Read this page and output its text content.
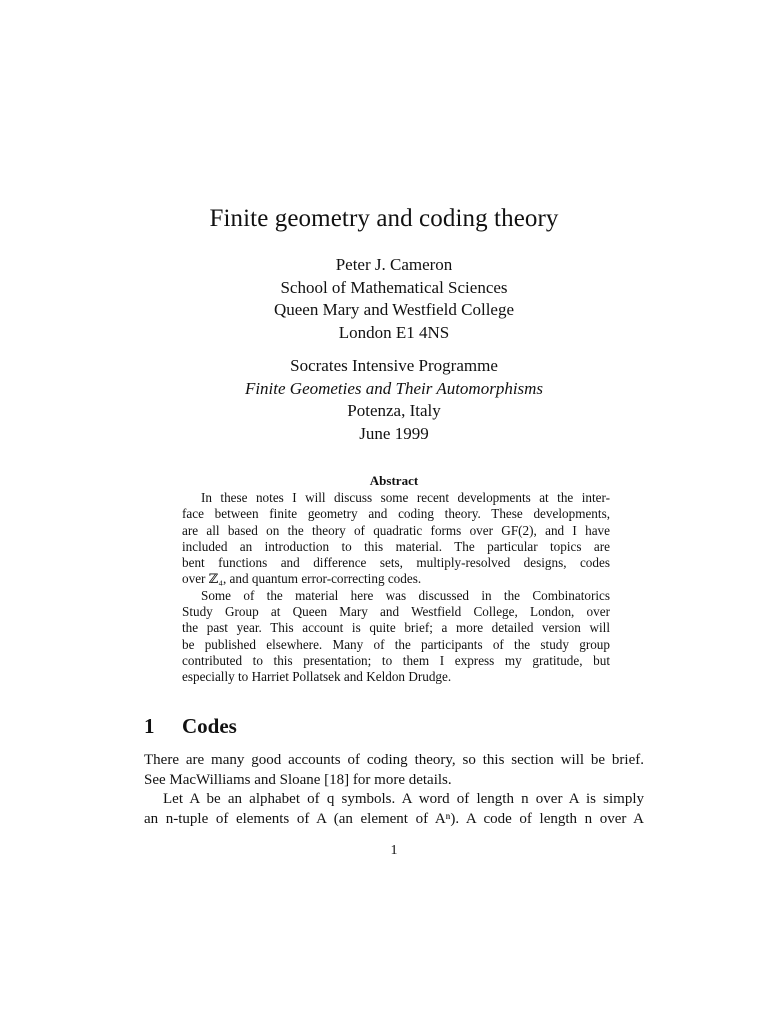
Finite geometry and coding theory
Peter J. Cameron
School of Mathematical Sciences
Queen Mary and Westfield College
London E1 4NS
Socrates Intensive Programme
Finite Geometies and Their Automorphisms
Potenza, Italy
June 1999
Abstract
In these notes I will discuss some recent developments at the inter-
face between finite geometry and coding theory. These developments,
are all based on the theory of quadratic forms over GF(2), and I have
included an introduction to this material. The particular topics are
bent functions and difference sets, multiply-resolved designs, codes
over ℤ₄, and quantum error-correcting codes.
Some of the material here was discussed in the Combinatorics
Study Group at Queen Mary and Westfield College, London, over
the past year. This account is quite brief; a more detailed version will
be published elsewhere. Many of the participants of the study group
contributed to this presentation; to them I express my gratitude, but
especially to Harriet Pollatsek and Keldon Drudge.
1 Codes
There are many good accounts of coding theory, so this section will be brief.
See MacWilliams and Sloane [18] for more details.
Let A be an alphabet of q symbols. A word of length n over A is simply
an n-tuple of elements of A (an element of Aⁿ). A code of length n over A
1
